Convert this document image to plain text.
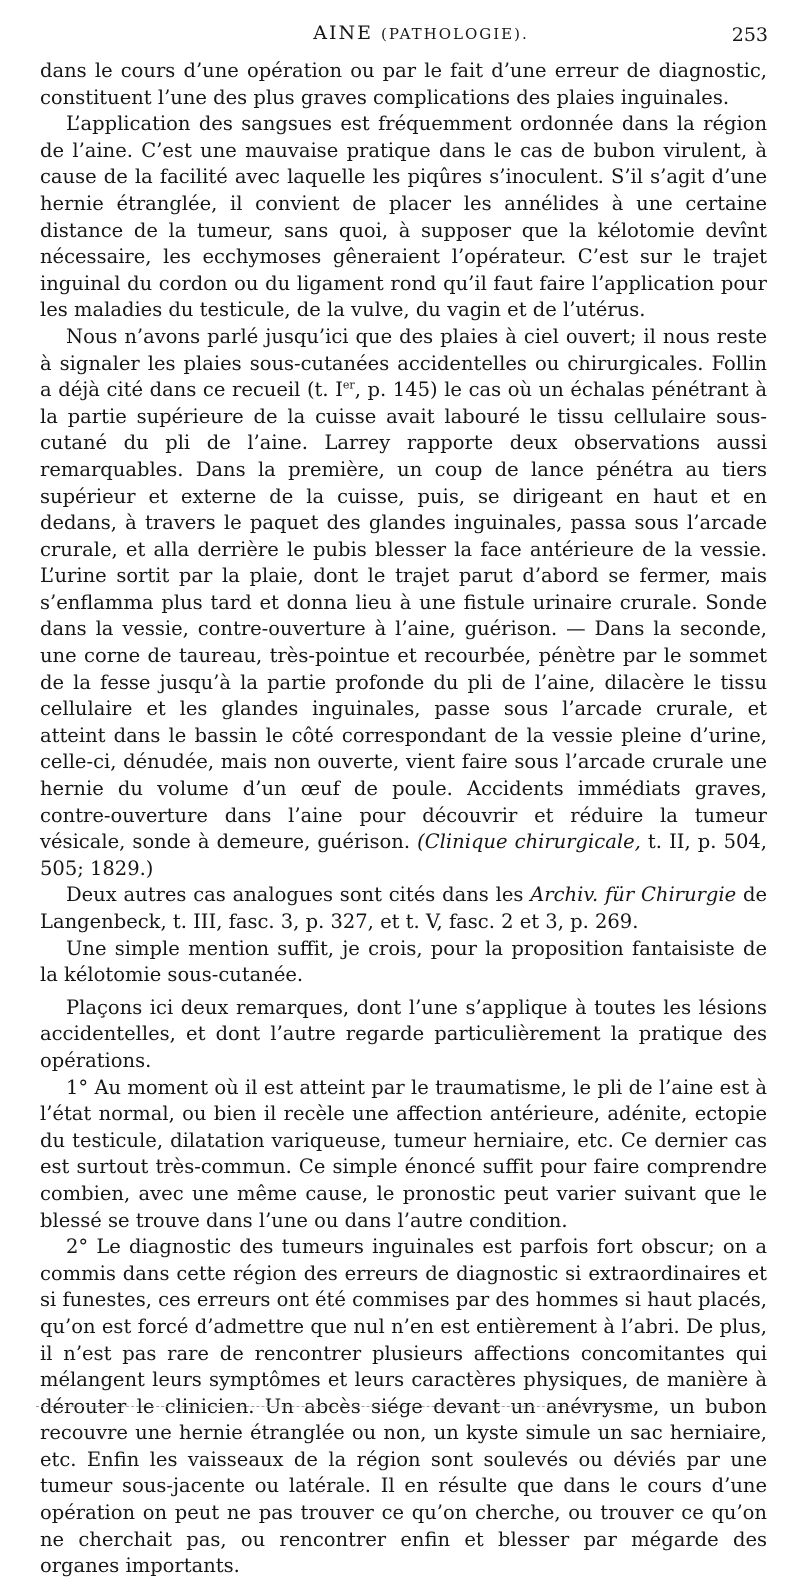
AINE (PATHOLOGIE).	253

dans le cours d’une opération ou par le fait d’une erreur de diagnostic, constituent l’une des plus graves complications des plaies inguinales.

L’application des sangsues est fréquemment ordonnée dans la région de l’aine. C’est une mauvaise pratique dans le cas de bubon virulent, à cause de la facilité avec laquelle les piqûres s’inoculent. S’il s’agit d’une hernie étranglée, il convient de placer les annélides à une certaine distance de la tumeur, sans quoi, à supposer que la kélotomie devînt nécessaire, les ecchymoses gêneraient l’opérateur. C’est sur le trajet inguinal du cordon ou du ligament rond qu’il faut faire l’application pour les maladies du testicule, de la vulve, du vagin et de l’utérus.

Nous n’avons parlé jusqu’ici que des plaies à ciel ouvert; il nous reste à signaler les plaies sous-cutanées accidentelles ou chirurgicales. Follin a déjà cité dans ce recueil (t. Ier, p. 145) le cas où un échalas pénétrant à la partie supérieure de la cuisse avait labouré le tissu cellulaire sous-cutané du pli de l’aine. Larrey rapporte deux observations aussi remarquables. Dans la première, un coup de lance pénétra au tiers supérieur et externe de la cuisse, puis, se dirigeant en haut et en dedans, à travers le paquet des glandes inguinales, passa sous l’arcade crurale, et alla derrière le pubis blesser la face antérieure de la vessie. L’urine sortit par la plaie, dont le trajet parut d’abord se fermer, mais s’enflamma plus tard et donna lieu à une fistule urinaire crurale. Sonde dans la vessie, contre-ouverture à l’aine, guérison. — Dans la seconde, une corne de taureau, très-pointue et recourbée, pénètre par le sommet de la fesse jusqu’à la partie profonde du pli de l’aine, dilacère le tissu cellulaire et les glandes inguinales, passe sous l’arcade crurale, et atteint dans le bassin le côté correspondant de la vessie pleine d’urine, celle-ci, dénudée, mais non ouverte, vient faire sous l’arcade crurale une hernie du volume d’un œuf de poule. Accidents immédiats graves, contre-ouverture dans l’aine pour découvrir et réduire la tumeur vésicale, sonde à demeure, guérison. (Clinique chirurgicale, t. II, p. 504, 505; 1829.)

Deux autres cas analogues sont cités dans les Archiv. für Chirurgie de Langenbeck, t. III, fasc. 3, p. 327, et t. V, fasc. 2 et 3, p. 269.

Une simple mention suffit, je crois, pour la proposition fantaisiste de la kélotomie sous-cutanée.

Plaçons ici deux remarques, dont l’une s’applique à toutes les lésions accidentelles, et dont l’autre regarde particulièrement la pratique des opérations.

1° Au moment où il est atteint par le traumatisme, le pli de l’aine est à l’état normal, ou bien il recèle une affection antérieure, adénite, ectopie du testicule, dilatation variqueuse, tumeur herniaire, etc. Ce dernier cas est surtout très-commun. Ce simple énoncé suffit pour faire comprendre combien, avec une même cause, le pronostic peut varier suivant que le blessé se trouve dans l’une ou dans l’autre condition.

2° Le diagnostic des tumeurs inguinales est parfois fort obscur; on a commis dans cette région des erreurs de diagnostic si extraordinaires et si funestes, ces erreurs ont été commises par des hommes si haut placés, qu’on est forcé d’admettre que nul n’en est entièrement à l’abri. De plus, il n’est pas rare de rencontrer plusieurs affections concomitantes qui mélangent leurs symptômes et leurs caractères physiques, de manière à dérouter le clinicien. Un abcès siége devant un anévrysme, un bubon recouvre une hernie étranglée ou non, un kyste simule un sac herniaire, etc. Enfin les vaisseaux de la région sont soulevés ou déviés par une tumeur sous-jacente ou latérale. Il en résulte que dans le cours d’une opération on peut ne pas trouver ce qu’on cherche, ou trouver ce qu’on ne cherchait pas, ou rencontrer enfin et blesser par mégarde des organes importants.
